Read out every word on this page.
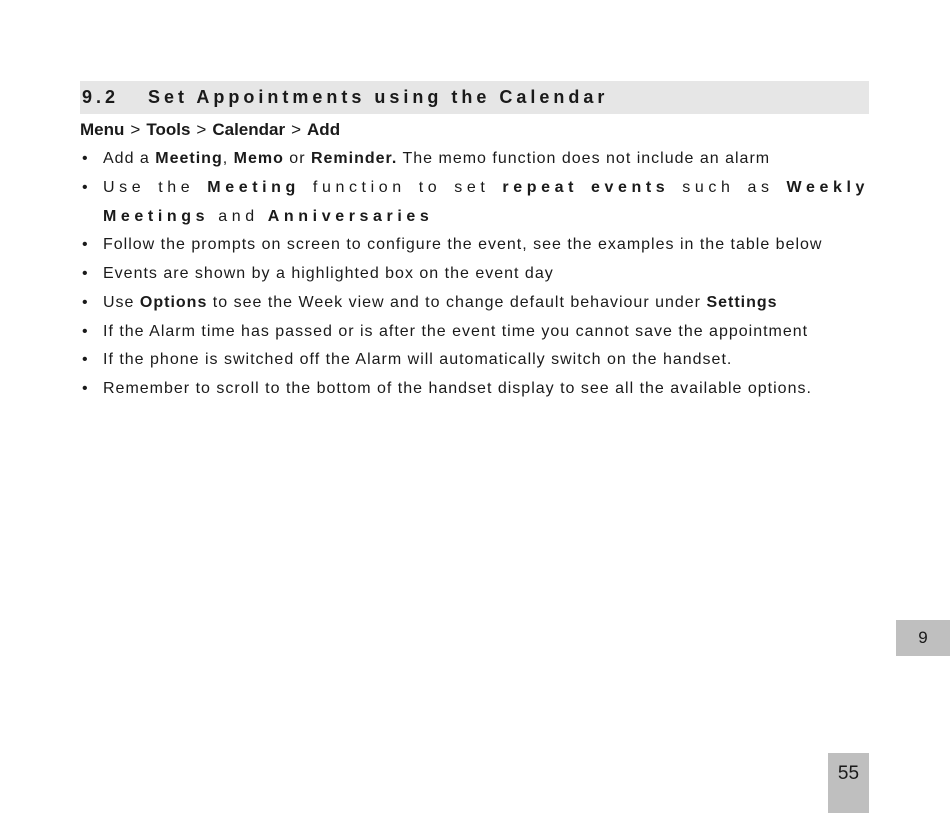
9.2	Set Appointments using the Calendar
Menu > Tools > Calendar > Add
• Add a Meeting, Memo or Reminder. The memo function does not include an alarm
• Use the Meeting function to set repeat events such as Weekly Meetings and Anniversaries
• Follow the prompts on screen to configure the event, see the examples in the table below
• Events are shown by a highlighted box on the event day
• Use Options to see the Week view and to change default behaviour under Settings
• If the Alarm time has passed or is after the event time you cannot save the appointment
• If the phone is switched off the Alarm will automatically switch on the handset.
• Remember to scroll to the bottom of the handset display to see all the available options.
9
55
